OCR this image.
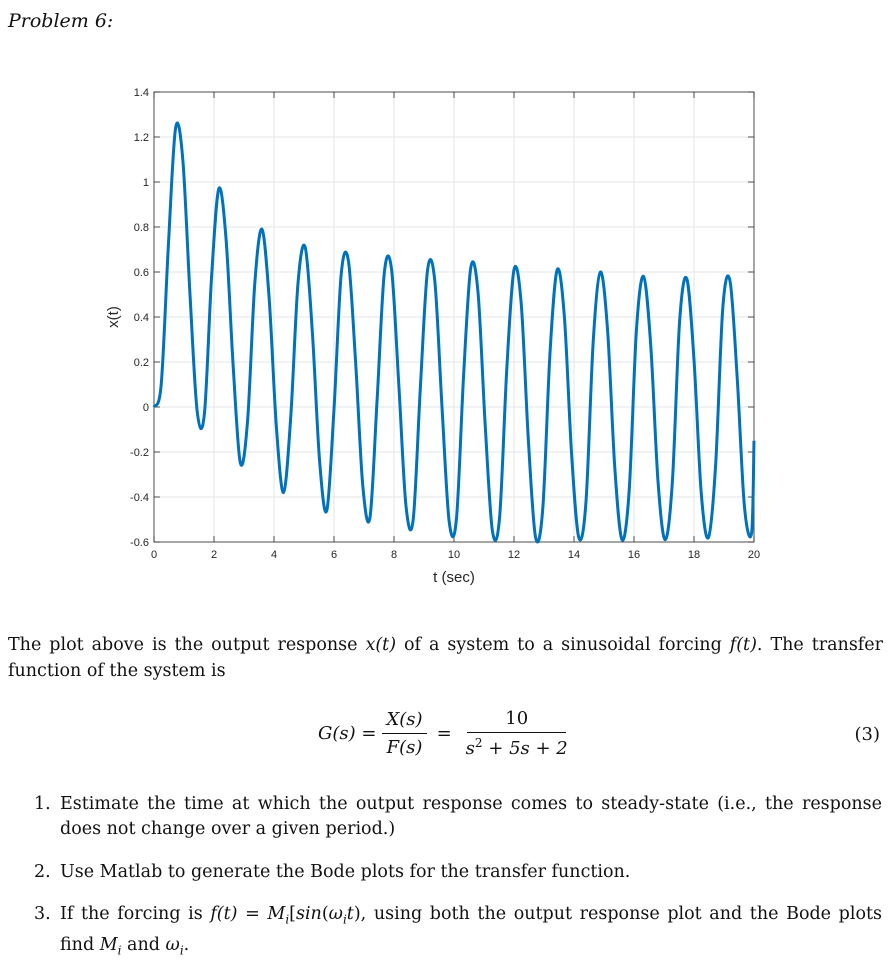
Problem 6:
0	2	4	6	8	10	12	14	16	18	20
-0.6
-0.4
-0.2
0
0.2
0.4
0.6
0.8
1
1.2
1.4
t (sec)
x(t)
The plot above is the output response x(t) of a system to a sinusoidal forcing f(t). The transfer function of the system is
$G(s) = \frac{X(s)}{F(s)} = \frac{10}{s^2 + 5s + 2}$	(3)
1. Estimate the time at which the output response comes to steady-state (i.e., the response does not change over a given period.)
2. Use Matlab to generate the Bode plots for the transfer function.
3. If the forcing is $f(t) = M_i[\sin(\omega_it)$, using both the output response plot and the Bode plots find $M_i$ and $\omega_i$.
